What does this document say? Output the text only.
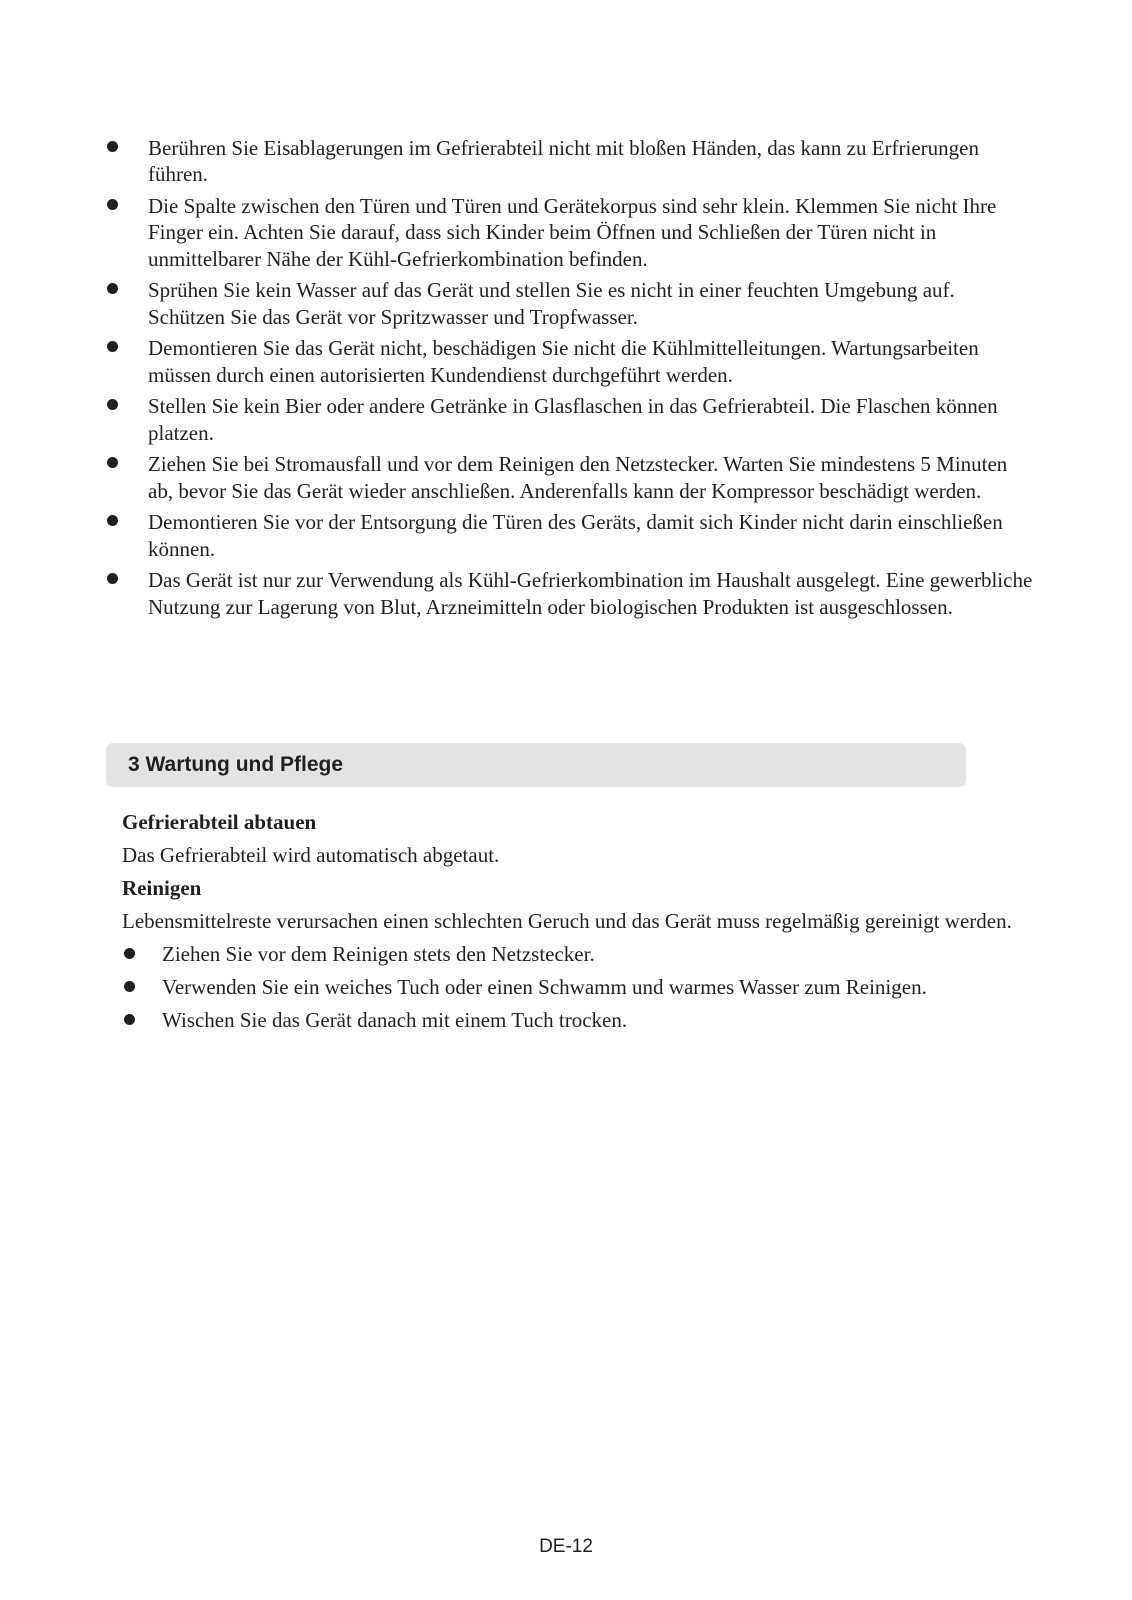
Berühren Sie Eisablagerungen im Gefrierabteil nicht mit bloßen Händen, das kann zu Erfrierungen führen.
Die Spalte zwischen den Türen und Türen und Gerätekorpus sind sehr klein. Klemmen Sie nicht Ihre Finger ein. Achten Sie darauf, dass sich Kinder beim Öffnen und Schließen der Türen nicht in unmittelbarer Nähe der Kühl-Gefrierkombination befinden.
Sprühen Sie kein Wasser auf das Gerät und stellen Sie es nicht in einer feuchten Umgebung auf. Schützen Sie das Gerät vor Spritzwasser und Tropfwasser.
Demontieren Sie das Gerät nicht, beschädigen Sie nicht die Kühlmittelleitungen. Wartungsarbeiten müssen durch einen autorisierten Kundendienst durchgeführt werden.
Stellen Sie kein Bier oder andere Getränke in Glasflaschen in das Gefrierabteil. Die Flaschen können platzen.
Ziehen Sie bei Stromausfall und vor dem Reinigen den Netzstecker. Warten Sie mindestens 5 Minuten ab, bevor Sie das Gerät wieder anschließen. Anderenfalls kann der Kompressor beschädigt werden.
Demontieren Sie vor der Entsorgung die Türen des Geräts, damit sich Kinder nicht darin einschließen können.
Das Gerät ist nur zur Verwendung als Kühl-Gefrierkombination im Haushalt ausgelegt. Eine gewerbliche Nutzung zur Lagerung von Blut, Arzneimitteln oder biologischen Produkten ist ausgeschlossen.
3 Wartung und Pflege
Gefrierabteil abtauen
Das Gefrierabteil wird automatisch abgetaut.
Reinigen
Lebensmittelreste verursachen einen schlechten Geruch und das Gerät muss regelmäßig gereinigt werden.
Ziehen Sie vor dem Reinigen stets den Netzstecker.
Verwenden Sie ein weiches Tuch oder einen Schwamm und warmes Wasser zum Reinigen.
Wischen Sie das Gerät danach mit einem Tuch trocken.
DE-12
